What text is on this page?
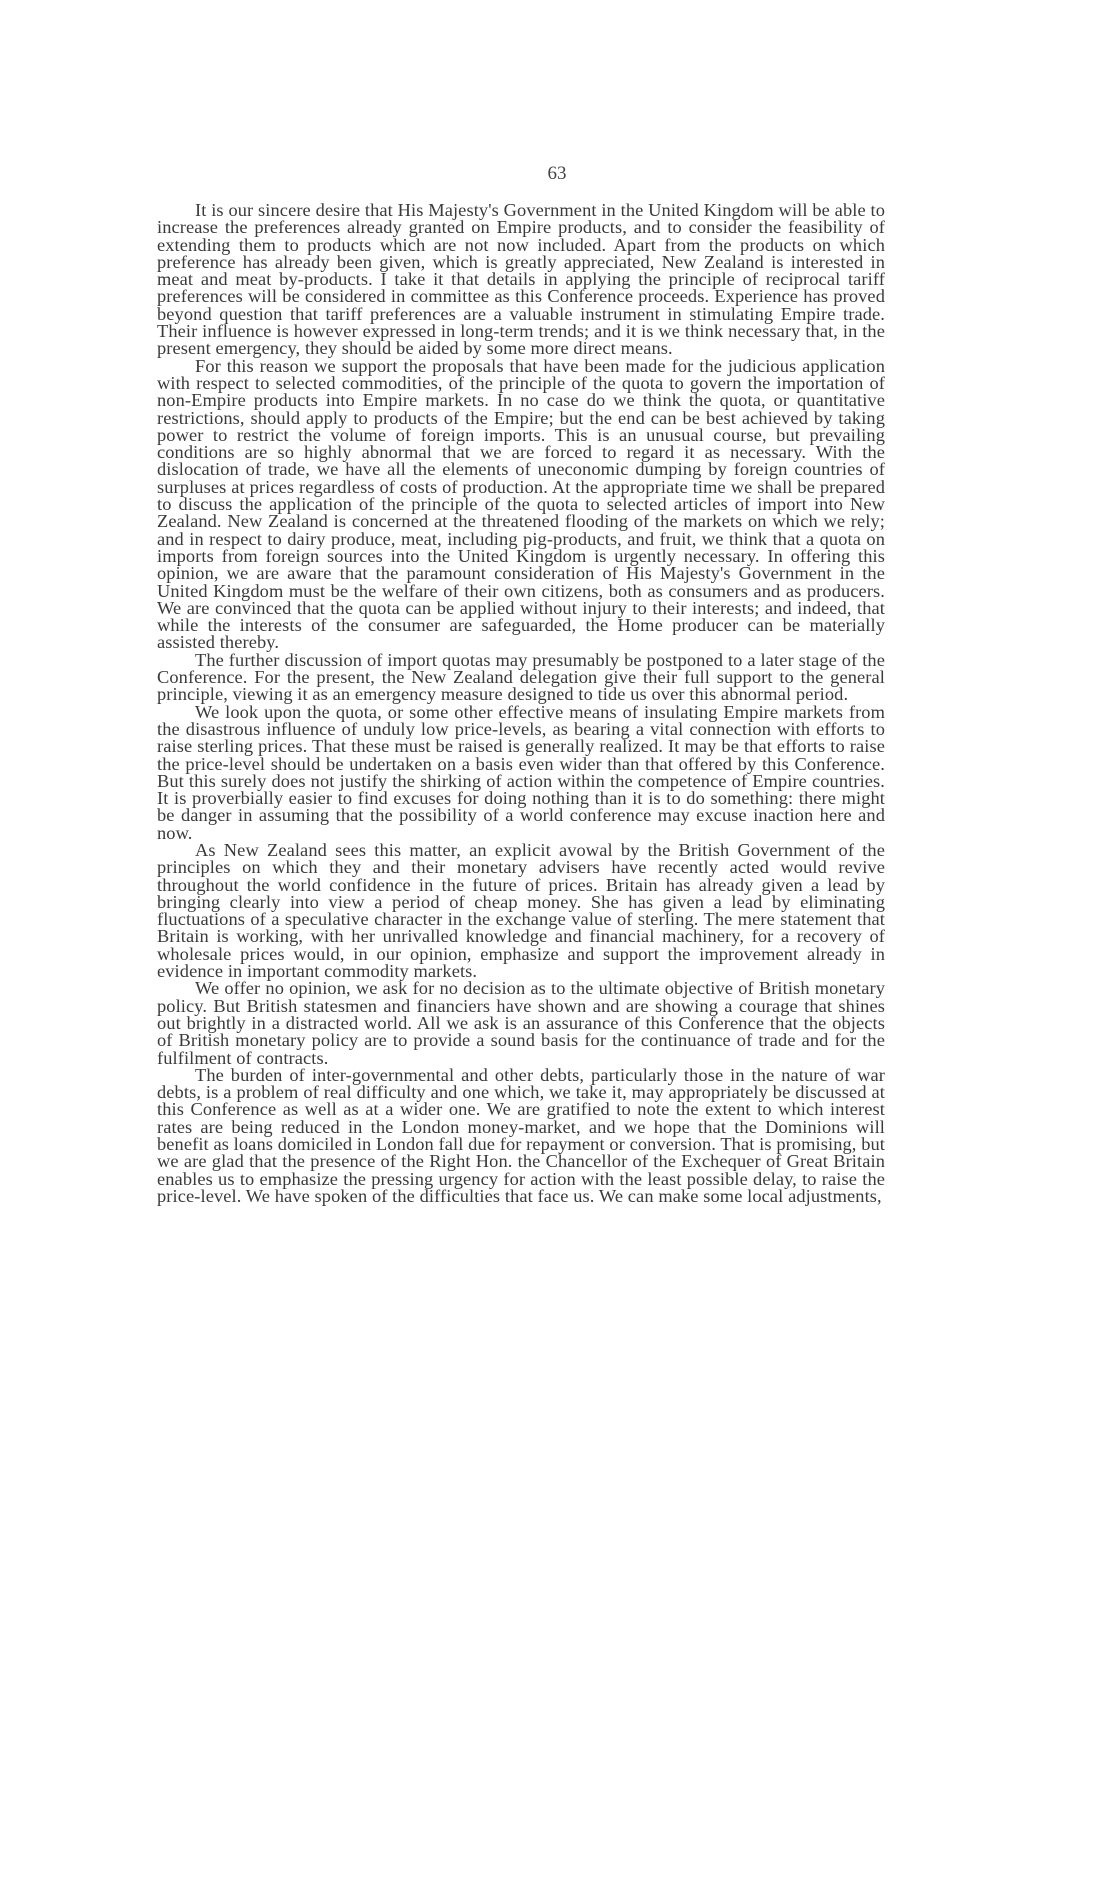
63

It is our sincere desire that His Majesty's Government in the United Kingdom will be able to increase the preferences already granted on Empire products, and to consider the feasibility of extending them to products which are not now included. Apart from the products on which preference has already been given, which is greatly appreciated, New Zealand is interested in meat and meat by-products. I take it that details in applying the principle of reciprocal tariff preferences will be considered in committee as this Conference proceeds. Experience has proved beyond question that tariff preferences are a valuable instrument in stimulating Empire trade. Their influence is however expressed in long-term trends; and it is we think necessary that, in the present emergency, they should be aided by some more direct means.

For this reason we support the proposals that have been made for the judicious application with respect to selected commodities, of the principle of the quota to govern the importation of non-Empire products into Empire markets. In no case do we think the quota, or quantitative restrictions, should apply to products of the Empire; but the end can be best achieved by taking power to restrict the volume of foreign imports. This is an unusual course, but prevailing conditions are so highly abnormal that we are forced to regard it as necessary. With the dislocation of trade, we have all the elements of uneconomic dumping by foreign countries of surpluses at prices regardless of costs of production. At the appropriate time we shall be prepared to discuss the application of the principle of the quota to selected articles of import into New Zealand. New Zealand is concerned at the threatened flooding of the markets on which we rely; and in respect to dairy produce, meat, including pig-products, and fruit, we think that a quota on imports from foreign sources into the United Kingdom is urgently necessary. In offering this opinion, we are aware that the paramount consideration of His Majesty's Government in the United Kingdom must be the welfare of their own citizens, both as consumers and as producers. We are convinced that the quota can be applied without injury to their interests; and indeed, that while the interests of the consumer are safeguarded, the Home producer can be materially assisted thereby.

The further discussion of import quotas may presumably be postponed to a later stage of the Conference. For the present, the New Zealand delegation give their full support to the general principle, viewing it as an emergency measure designed to tide us over this abnormal period.

We look upon the quota, or some other effective means of insulating Empire markets from the disastrous influence of unduly low price-levels, as bearing a vital connection with efforts to raise sterling prices. That these must be raised is generally realized. It may be that efforts to raise the price-level should be undertaken on a basis even wider than that offered by this Conference. But this surely does not justify the shirking of action within the competence of Empire countries. It is proverbially easier to find excuses for doing nothing than it is to do something: there might be danger in assuming that the possibility of a world conference may excuse inaction here and now.

As New Zealand sees this matter, an explicit avowal by the British Government of the principles on which they and their monetary advisers have recently acted would revive throughout the world confidence in the future of prices. Britain has already given a lead by bringing clearly into view a period of cheap money. She has given a lead by eliminating fluctuations of a speculative character in the exchange value of sterling. The mere statement that Britain is working, with her unrivalled knowledge and financial machinery, for a recovery of wholesale prices would, in our opinion, emphasize and support the improvement already in evidence in important commodity markets.

We offer no opinion, we ask for no decision as to the ultimate objective of British monetary policy. But British statesmen and financiers have shown and are showing a courage that shines out brightly in a distracted world. All we ask is an assurance of this Conference that the objects of British monetary policy are to provide a sound basis for the continuance of trade and for the fulfilment of contracts.

The burden of inter-governmental and other debts, particularly those in the nature of war debts, is a problem of real difficulty and one which, we take it, may appropriately be discussed at this Conference as well as at a wider one. We are gratified to note the extent to which interest rates are being reduced in the London money-market, and we hope that the Dominions will benefit as loans domiciled in London fall due for repayment or conversion. That is promising, but we are glad that the presence of the Right Hon. the Chancellor of the Exchequer of Great Britain enables us to emphasize the pressing urgency for action with the least possible delay, to raise the price-level. We have spoken of the difficulties that face us. We can make some local adjustments,
